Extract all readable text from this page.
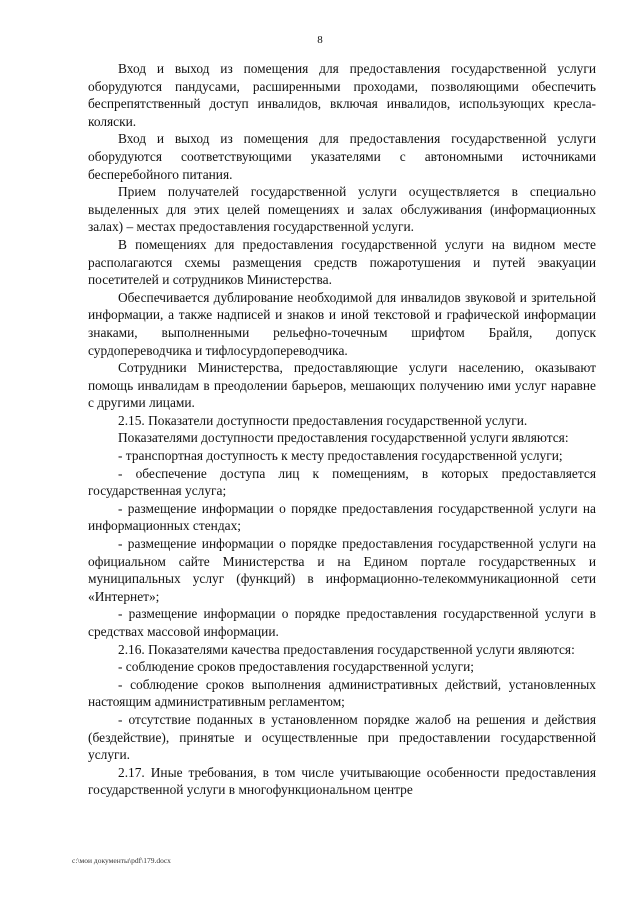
8

Вход и выход из помещения для предоставления государственной услуги оборудуются пандусами, расширенными проходами, позволяющими обеспечить беспрепятственный доступ инвалидов, включая инвалидов, использующих кресла-коляски.

Вход и выход из помещения для предоставления государственной услуги оборудуются соответствующими указателями с автономными источниками бесперебойного питания.

Прием получателей государственной услуги осуществляется в специально выделенных для этих целей помещениях и залах обслуживания (информационных залах) – местах предоставления государственной услуги.

В помещениях для предоставления государственной услуги на видном месте располагаются схемы размещения средств пожаротушения и путей эвакуации посетителей и сотрудников Министерства.

Обеспечивается дублирование необходимой для инвалидов звуковой и зрительной информации, а также надписей и знаков и иной текстовой и графической информации знаками, выполненными рельефно-точечным шрифтом Брайля, допуск сурдопереводчика и тифлосурдопереводчика.

Сотрудники Министерства, предоставляющие услуги населению, оказывают помощь инвалидам в преодолении барьеров, мешающих получению ими услуг наравне с другими лицами.

2.15. Показатели доступности предоставления государственной услуги.

Показателями доступности предоставления государственной услуги являются:

- транспортная доступность к месту предоставления государственной услуги;

- обеспечение доступа лиц к помещениям, в которых предоставляется государственная услуга;

- размещение информации о порядке предоставления государственной услуги на информационных стендах;

- размещение информации о порядке предоставления государственной услуги на официальном сайте Министерства и на Едином портале государственных и муниципальных услуг (функций) в информационно-телекоммуникационной сети «Интернет»;

- размещение информации о порядке предоставления государственной услуги в средствах массовой информации.

2.16. Показателями качества предоставления государственной услуги являются:

- соблюдение сроков предоставления государственной услуги;

- соблюдение сроков выполнения административных действий, установленных настоящим административным регламентом;

- отсутствие поданных в установленном порядке жалоб на решения и действия (бездействие), принятые и осуществленные при предоставлении государственной услуги.

2.17. Иные требования, в том числе учитывающие особенности предоставления государственной услуги в многофункциональном центре

c:\мои документы\pdf\179.docx
